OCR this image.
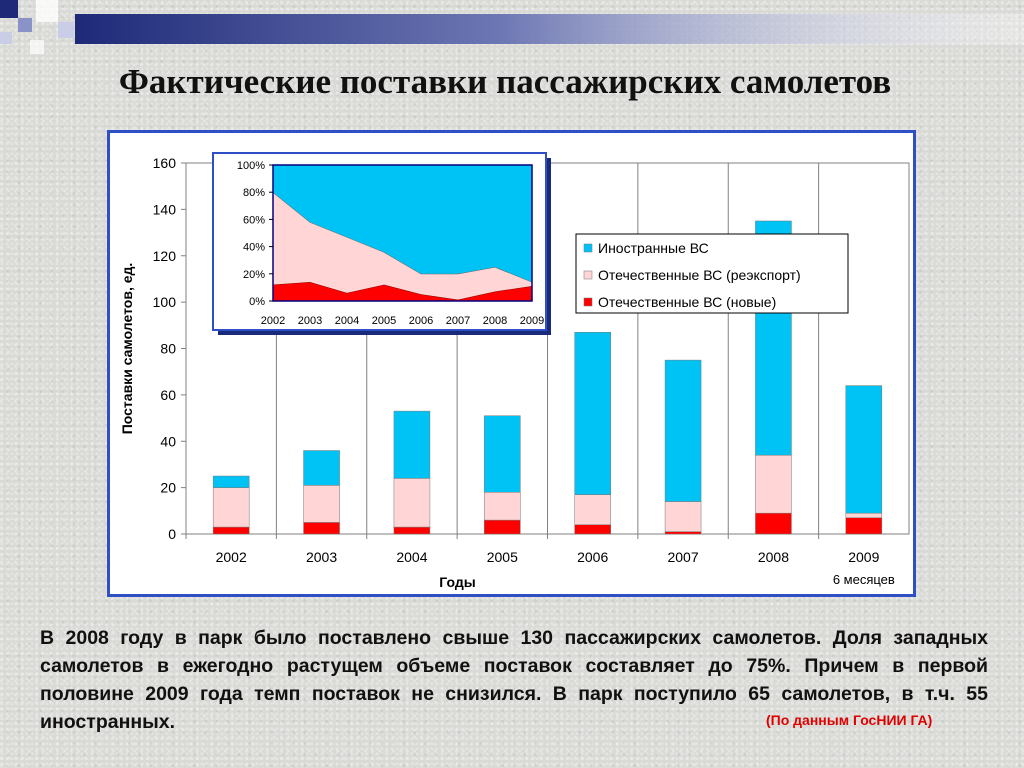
Фактические поставки пассажирских самолетов
0
20
40
60
80
100
120
140
160
2002	2003	2004	2005	2006	2007	2008	2009
6 месяцев
Годы
Поставки самолетов, ед.
Иностранные ВС
Отечественные ВС (реэкспорт)
Отечественные ВС (новые)
0%
20%
40%
60%
80%
100%
2002 2003 2004 2005 2006 2007 2008 2009

В 2008 году в парк было поставлено свыше 130 пассажирских самолетов. Доля западных самолетов в ежегодно растущем объеме поставок составляет до 75%. Причем в первой половине 2009 года темп поставок не снизился. В парк поступило 65 самолетов, в т.ч. 55 иностранных.	(По данным ГосНИИ ГА)
